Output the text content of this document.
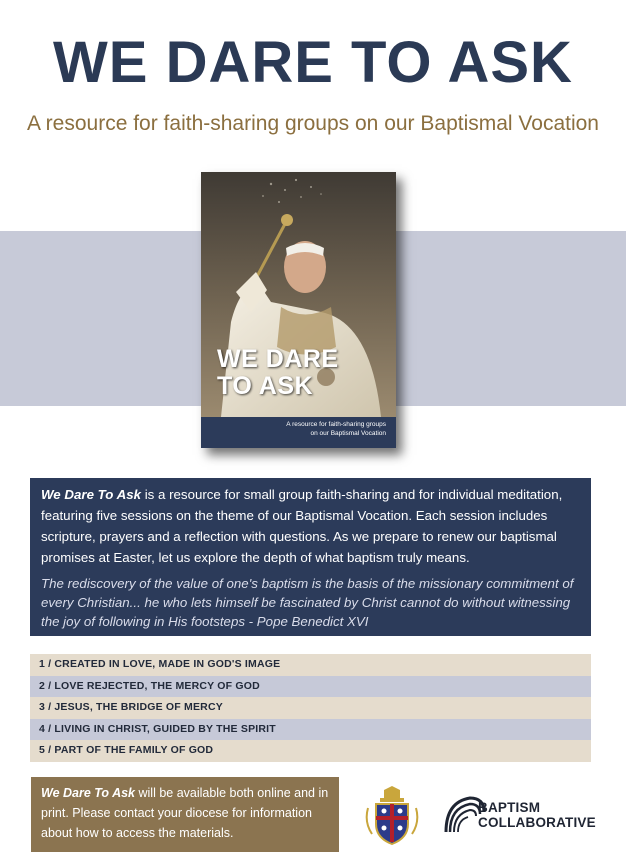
WE DARE TO ASK
A resource for faith-sharing groups on our Baptismal Vocation
WE DARE
TO ASK
A resource for faith-sharing groups
on our Baptismal Vocation

We Dare To Ask is a resource for small group faith-sharing and for individual meditation, featuring five sessions on the theme of our Baptismal Vocation. Each session includes scripture, prayers and a reflection with questions. As we prepare to renew our baptismal promises at Easter, let us explore the depth of what baptism truly means.

The rediscovery of the value of one's baptism is the basis of the missionary commitment of every Christian... he who lets himself be fascinated by Christ cannot do without witnessing the joy of following in His footsteps - Pope Benedict XVI

1 / CREATED IN LOVE, MADE IN GOD'S IMAGE
2 / LOVE REJECTED, THE MERCY OF GOD
3 / JESUS, THE BRIDGE OF MERCY
4 / LIVING IN CHRIST, GUIDED BY THE SPIRIT
5 / PART OF THE FAMILY OF GOD
We Dare To Ask will be available both online and in print. Please contact your diocese for information about how to access the materials.
BAPTISM
COLLABORATIVE
